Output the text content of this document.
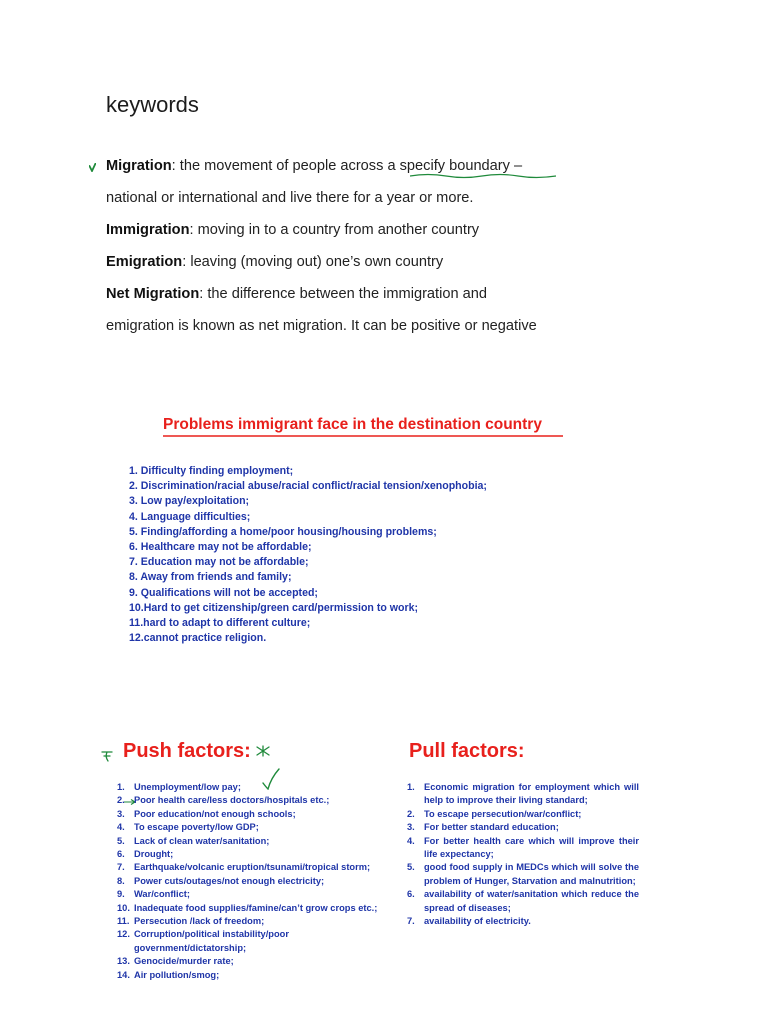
keywords

Migration: the movement of people across a specify boundary –
national or international and live there for a year or more.

Immigration: moving in to a country from another country

Emigration: leaving (moving out) one’s own country

Net Migration: the difference between the immigration and
emigration is known as net migration. It can be positive or negative

Problems immigrant face in the destination country
1. Difficulty finding employment;
2. Discrimination/racial abuse/racial conflict/racial tension/xenophobia;
3. Low pay/exploitation;
4. Language difficulties;
5. Finding/affording a home/poor housing/housing problems;
6. Healthcare may not be affordable;
7. Education may not be affordable;
8. Away from friends and family;
9. Qualifications will not be accepted;
10.Hard to get citizenship/green card/permission to work;
11.hard to adapt to different culture;
12.cannot practice religion.
Push factors:
1. Unemployment/low pay;
2. Poor health care/less doctors/hospitals etc.;
3. Poor education/not enough schools;
4. To escape poverty/low GDP;
5. Lack of clean water/sanitation;
6. Drought;
7. Earthquake/volcanic eruption/tsunami/tropical storm;
8. Power cuts/outages/not enough electricity;
9. War/conflict;
10. Inadequate food supplies/famine/can’t grow crops etc.;
11. Persecution /lack of freedom;
12. Corruption/political instability/poor government/dictatorship;
13. Genocide/murder rate;
14. Air pollution/smog;
Pull factors:
1. Economic migration for employment which will help to improve their living standard;
2. To escape persecution/war/conflict;
3. For better standard education;
4. For better health care which will improve their life expectancy;
5. good food supply in MEDCs which will solve the problem of Hunger, Starvation and malnutrition;
6. availability of water/sanitation which reduce the spread of diseases;
7. availability of electricity.
